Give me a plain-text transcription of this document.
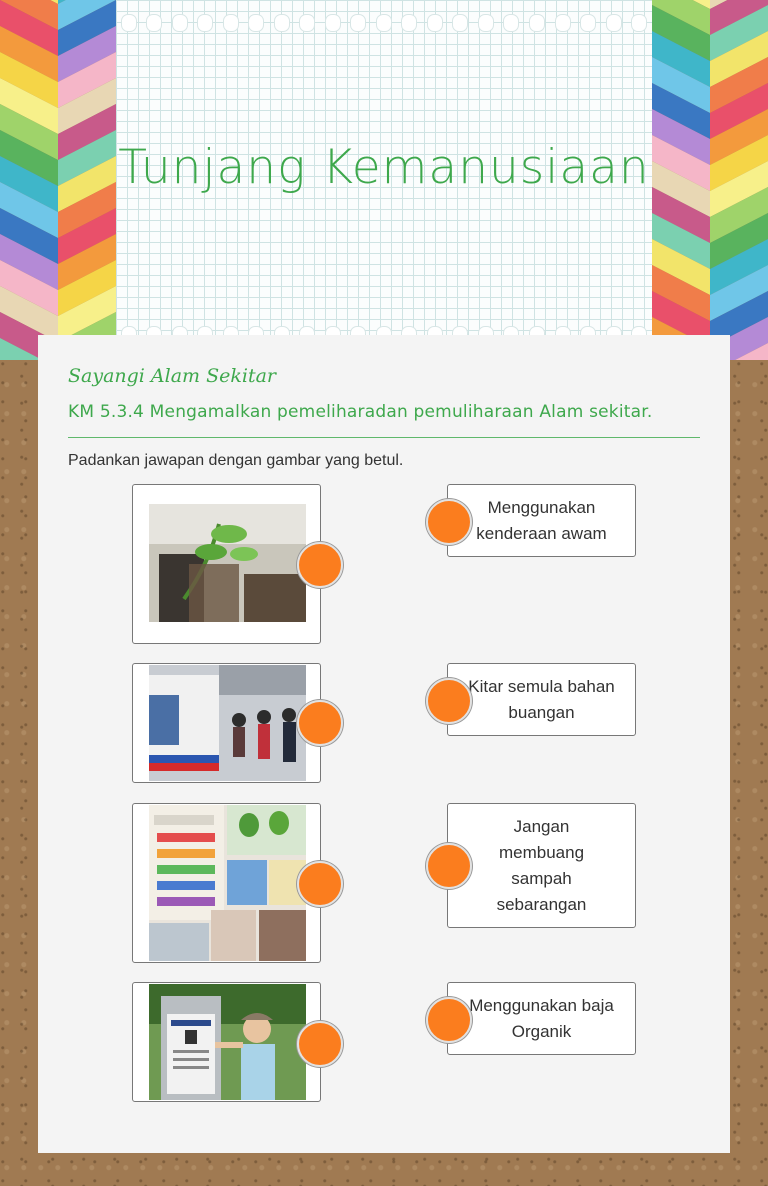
Tunjang Kemanusiaan
Sayangi Alam Sekitar
KM 5.3.4 Mengamalkan pemeliharadan pemuliharaan Alam sekitar.
Padankan jawapan dengan gambar yang betul.
Menggunakan kenderaan awam
Kitar semula bahan buangan
Jangan membuang sampah sebarangan
Menggunakan baja Organik
